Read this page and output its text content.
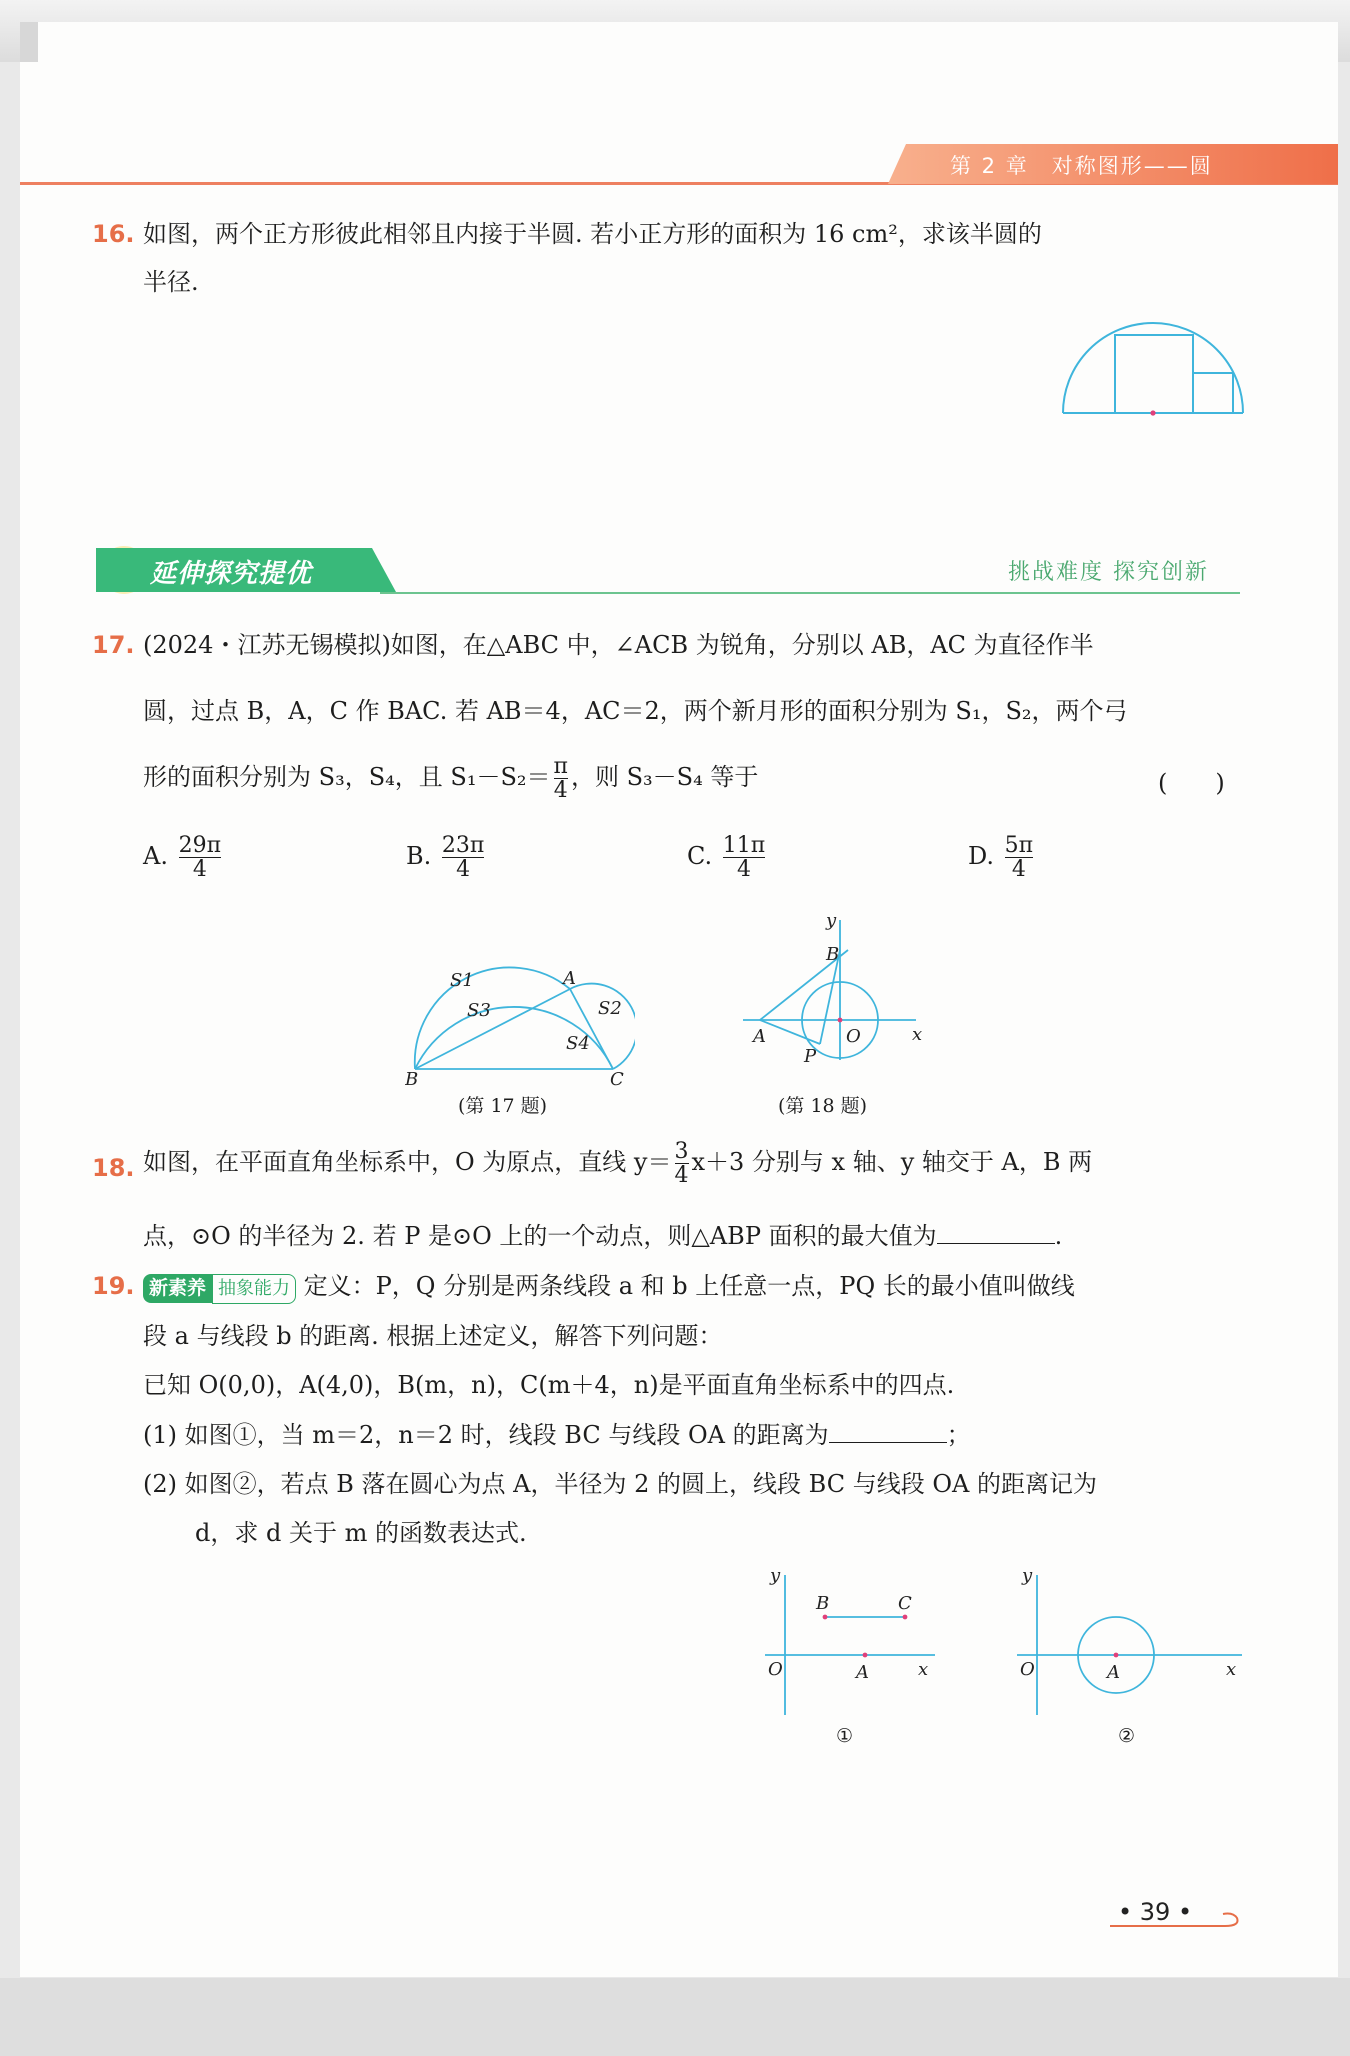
第 2 章　对称图形——圆
16. 如图，两个正方形彼此相邻且内接于半圆. 若小正方形的面积为 16 cm²，求该半圆的
半径.
延伸探究提优	挑战难度 探究创新
17. (2024・江苏无锡模拟)如图，在△ABC 中，∠ACB 为锐角，分别以 AB，AC 为直径作半
圆，过点 B，A，C 作 BAC. 若 AB＝4，AC＝2，两个新月形的面积分别为 S₁，S₂，两个弓
形的面积分别为 S₃，S₄，且 $S_1-S_2= \frac{\pi}{4}$ ，则 S₃－S₄ 等于	(　　)
A. $\frac{29\pi}{4}$	B. $\frac{23\pi}{4}$	C. $\frac{11\pi}{4}$	D. $\frac{5\pi}{4}$
S1
S3
A
S2
S4
B	C
(第 17 题)
y
B
A	O	x
P
(第 18 题)
18. 如图，在平面直角坐标系中，O 为原点，直线 $y= \frac{3}{4} x+3$ 分别与 x 轴、y 轴交于 A，B 两
点，⊙O 的半径为 2. 若 P 是⊙O 上的一个动点，则△ABP 面积的最大值为	.
19. 新素养 抽象能力 定义：P，Q 分别是两条线段 a 和 b 上任意一点，PQ 长的最小值叫做线
段 a 与线段 b 的距离. 根据上述定义，解答下列问题：
已知 O(0,0)，A(4,0)，B(m，n)，C(m＋4，n)是平面直角坐标系中的四点.
(1) 如图①，当 m＝2，n＝2 时，线段 BC 与线段 OA 的距离为	；
(2) 如图②，若点 B 落在圆心为点 A，半径为 2 的圆上，线段 BC 与线段 OA 的距离记为
d，求 d 关于 m 的函数表达式.
y
B	C
O	A	x
①
y
O	A	x
②
• 39 •
